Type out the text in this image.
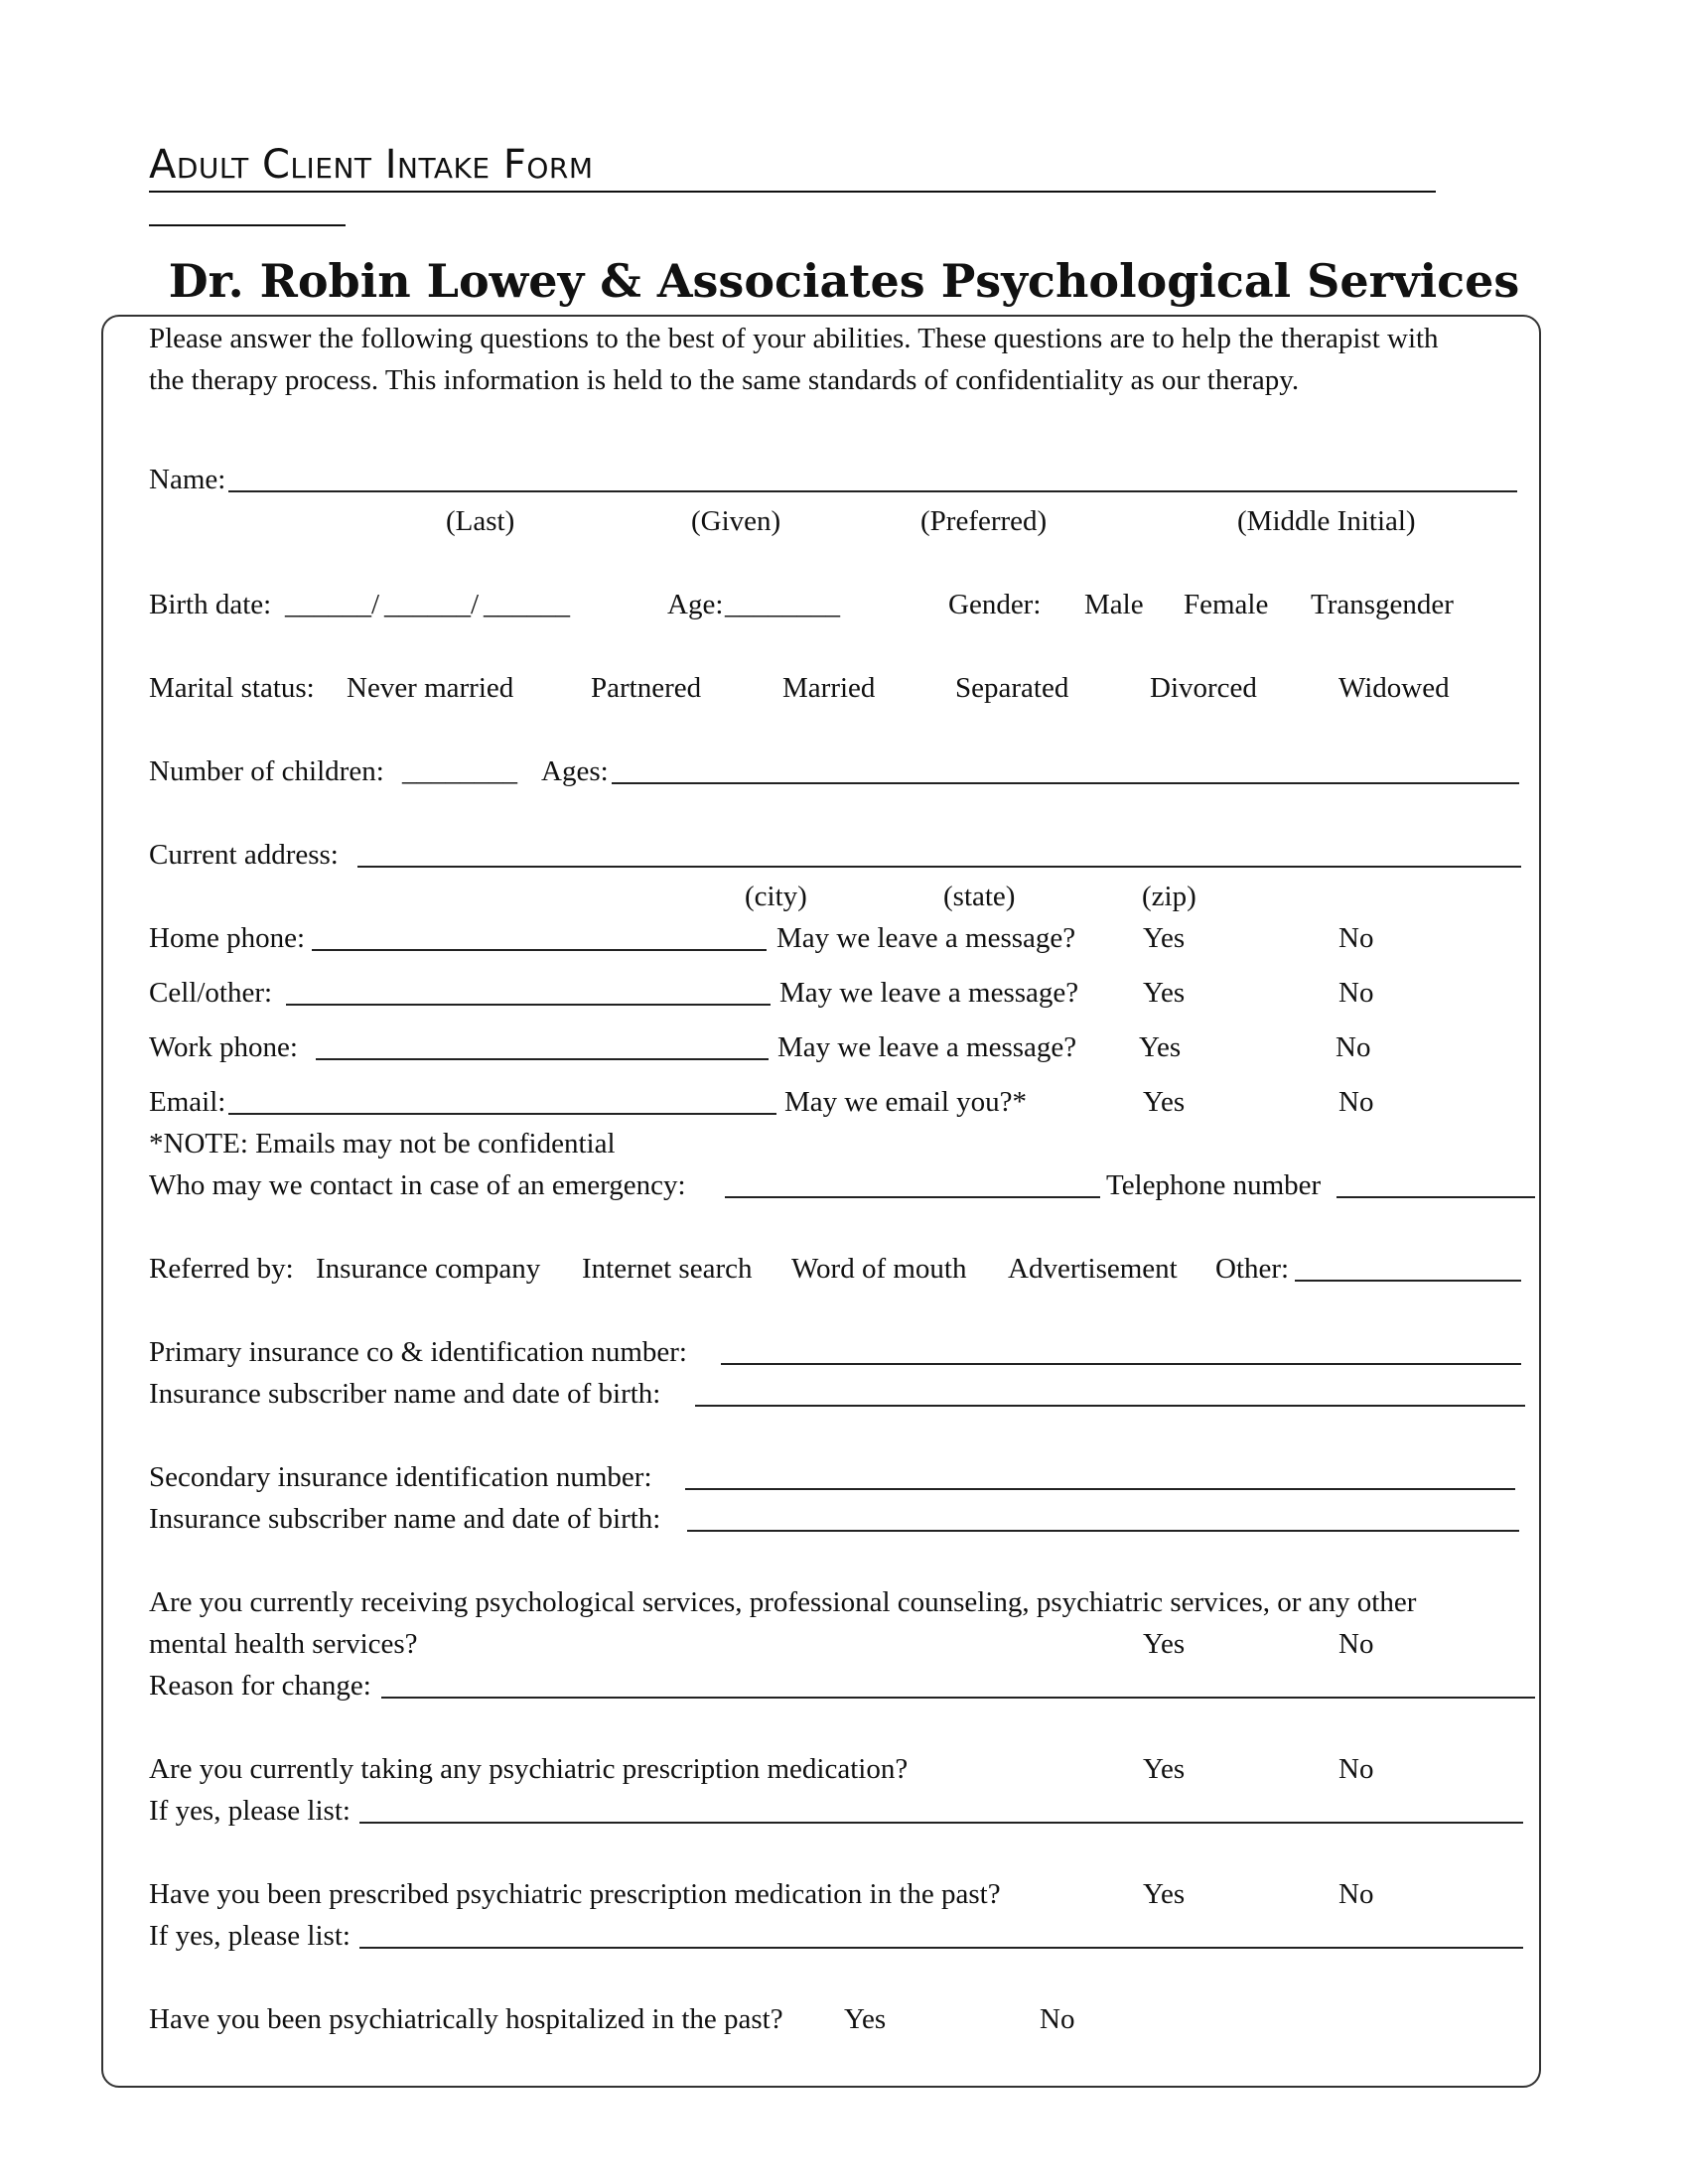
Adult Client Intake Form
Dr. Robin Lowey & Associates Psychological Services
Please answer the following questions to the best of your abilities. These questions are to help the therapist with
the therapy process. This information is held to the same standards of confidentiality as our therapy.
Name:
(Last)	(Given)	(Preferred)	(Middle Initial)
Birth date: ______/ ______/ ______	Age: ________	Gender: Male Female Transgender
Marital status: Never married	Partnered	Married	Separated	Divorced	Widowed
Number of children: ________ Ages:
Current address:
(city)	(state)	(zip)
Home phone:	May we leave a message? Yes	No
Cell/other:	May we leave a message? Yes	No
Work phone:	May we leave a message? Yes	No
Email:	May we email you?*	Yes	No
*NOTE: Emails may not be confidential
Who may we contact in case of an emergency:	Telephone number
Referred by: Insurance company Internet search Word of mouth Advertisement Other:
Primary insurance co & identification number:
Insurance subscriber name and date of birth:
Secondary insurance identification number:
Insurance subscriber name and date of birth:
Are you currently receiving psychological services, professional counseling, psychiatric services, or any other
mental health services?	Yes	No
Reason for change:
Are you currently taking any psychiatric prescription medication?	Yes	No
If yes, please list:
Have you been prescribed psychiatric prescription medication in the past?	Yes	No
If yes, please list:
Have you been psychiatrically hospitalized in the past? Yes	No
